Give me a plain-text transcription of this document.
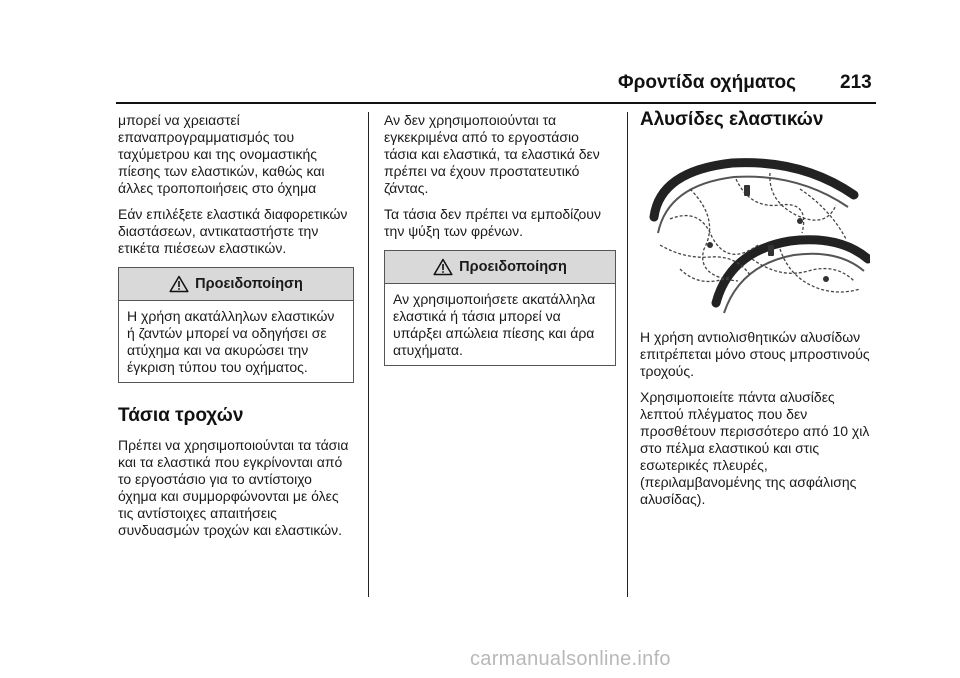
Φροντίδα οχήματος 213

μπορεί να χρειαστεί επαναπρογραμματισμός του ταχύμετρου και της ονομαστικής πίεσης των ελαστικών, καθώς και άλλες τροποποιήσεις στο όχημα

Εάν επιλέξετε ελαστικά διαφορετικών διαστάσεων, αντικαταστήστε την ετικέτα πιέσεων ελαστικών.

Προειδοποίηση

Η χρήση ακατάλληλων ελαστικών ή ζαντών μπορεί να οδηγήσει σε ατύχημα και να ακυρώσει την έγκριση τύπου του οχήματος.

Τάσια τροχών

Πρέπει να χρησιμοποιούνται τα τάσια και τα ελαστικά που εγκρίνονται από το εργοστάσιο για το αντίστοιχο όχημα και συμμορφώνονται με όλες τις αντίστοιχες απαιτήσεις συνδυασμών τροχών και ελαστικών.

Αν δεν χρησιμοποιούνται τα εγκεκριμένα από το εργοστάσιο τάσια και ελαστικά, τα ελαστικά δεν πρέπει να έχουν προστατευτικό ζάντας.

Τα τάσια δεν πρέπει να εμποδίζουν την ψύξη των φρένων.

Προειδοποίηση

Αν χρησιμοποιήσετε ακατάλληλα ελαστικά ή τάσια μπορεί να υπάρξει απώλεια πίεσης και άρα ατυχήματα.

Αλυσίδες ελαστικών

Η χρήση αντιολισθητικών αλυσίδων επιτρέπεται μόνο στους μπροστινούς τροχούς.

Χρησιμοποιείτε πάντα αλυσίδες λεπτού πλέγματος που δεν προσθέτουν περισσότερο από 10 χιλ στο πέλμα ελαστικού και στις εσωτερικές πλευρές, (περιλαμβανομένης της ασφάλισης αλυσίδας).

carmanualsonline.info
